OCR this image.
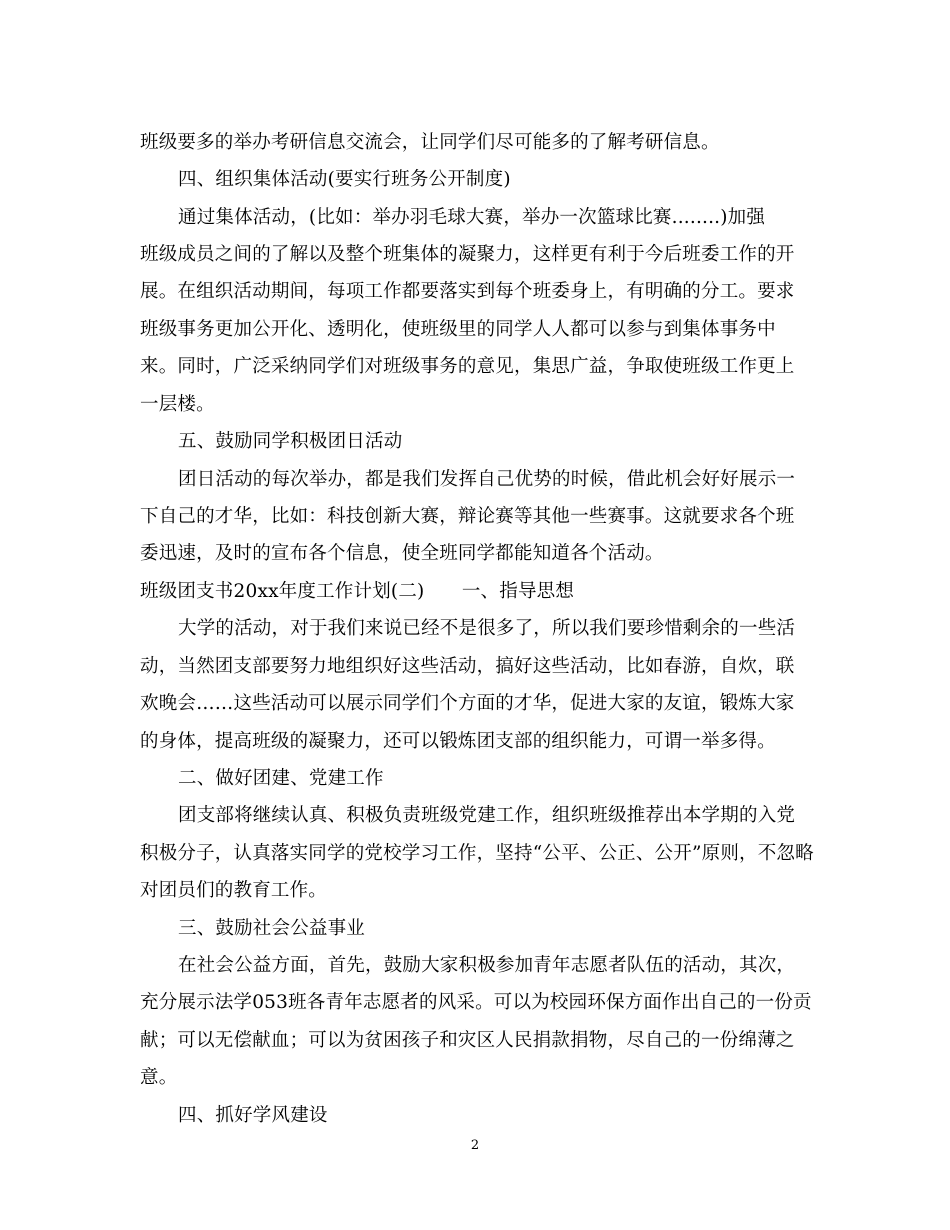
班级要多的举办考研信息交流会，让同学们尽可能多的了解考研信息。
四、组织集体活动(要实行班务公开制度)
通过集体活动，(比如：举办羽毛球大赛，举办一次篮球比赛........)加强
班级成员之间的了解以及整个班集体的凝聚力，这样更有利于今后班委工作的开
展。在组织活动期间，每项工作都要落实到每个班委身上，有明确的分工。要求
班级事务更加公开化、透明化，使班级里的同学人人都可以参与到集体事务中
来。同时，广泛采纳同学们对班级事务的意见，集思广益，争取使班级工作更上
一层楼。
五、鼓励同学积极团日活动
团日活动的每次举办，都是我们发挥自己优势的时候，借此机会好好展示一
下自己的才华，比如：科技创新大赛，辩论赛等其他一些赛事。这就要求各个班
委迅速，及时的宣布各个信息，使全班同学都能知道各个活动。
班级团支书20xx年度工作计划(二)　　一、指导思想
大学的活动，对于我们来说已经不是很多了，所以我们要珍惜剩余的一些活
动，当然团支部要努力地组织好这些活动，搞好这些活动，比如春游，自炊，联
欢晚会……这些活动可以展示同学们个方面的才华，促进大家的友谊，锻炼大家
的身体，提高班级的凝聚力，还可以锻炼团支部的组织能力，可谓一举多得。
二、做好团建、党建工作
团支部将继续认真、积极负责班级党建工作，组织班级推荐出本学期的入党
积极分子，认真落实同学的党校学习工作，坚持“公平、公正、公开”原则，不忽略
对团员们的教育工作。
三、鼓励社会公益事业
在社会公益方面，首先，鼓励大家积极参加青年志愿者队伍的活动，其次，
充分展示法学053班各青年志愿者的风采。可以为校园环保方面作出自己的一份贡
献；可以无偿献血；可以为贫困孩子和灾区人民捐款捐物，尽自己的一份绵薄之
意。
四、抓好学风建设
2
